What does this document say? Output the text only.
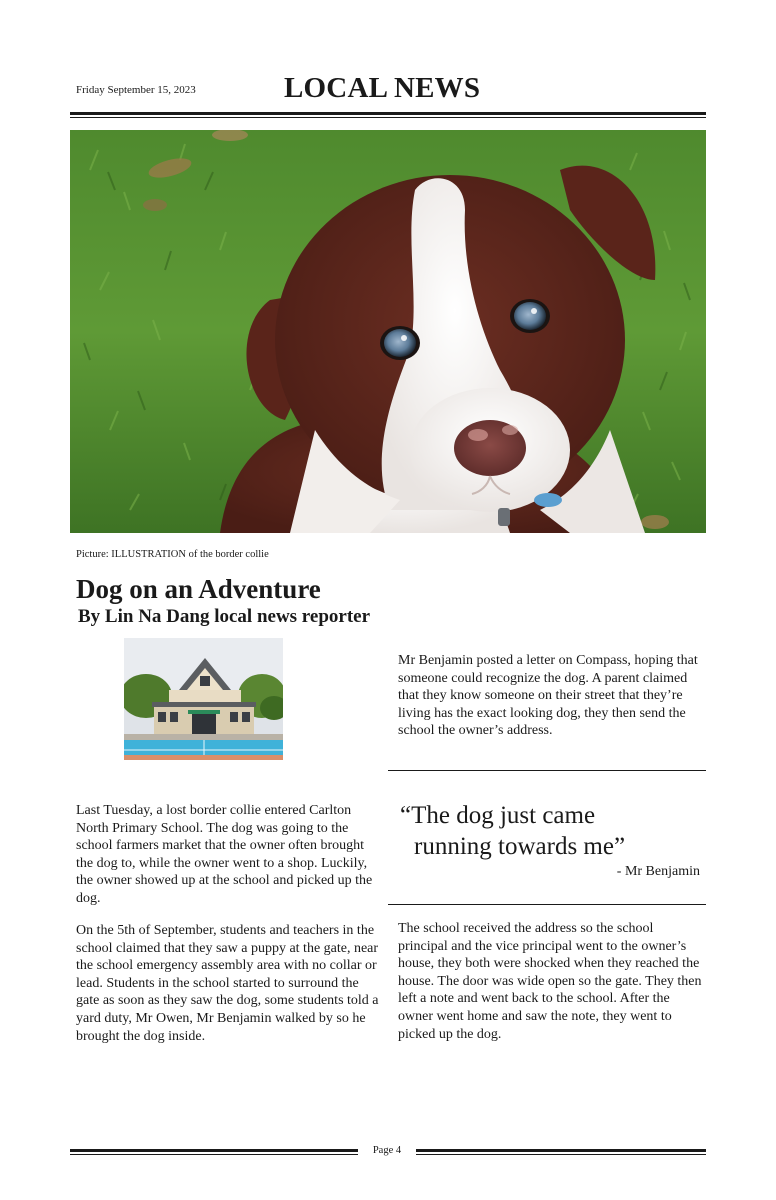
Friday September 15, 2023	LOCAL NEWS
Picture: ILLUSTRATION of the border collie
Dog on an Adventure
By Lin Na Dang local news reporter
Last Tuesday, a lost border collie entered Carlton North Primary School. The dog was going to the school farmers market that the owner often brought the dog to, while the owner went to a shop. Luckily, the owner showed up at the school and picked up the dog.
On the 5th of September, students and teachers in the school claimed that they saw a puppy at the gate, near the school emergency assembly area with no collar or lead. Students in the school started to surround the gate as soon as they saw the dog, some students told a yard duty, Mr Owen, Mr Benjamin walked by so he brought the dog inside.
Mr Benjamin posted a letter on Compass, hoping that someone could recognize the dog. A parent claimed that they know someone on their street that they’re living has the exact looking dog, they then send the school the owner’s address.
“The dog just came
running towards me”
- Mr Benjamin
The school received the address so the school principal and the vice principal went to the owner’s house, they both were shocked when they reached the house. The door was wide open so the gate. They then left a note and went back to the school. After the owner went home and saw the note, they went to picked up the dog.
Page 4
